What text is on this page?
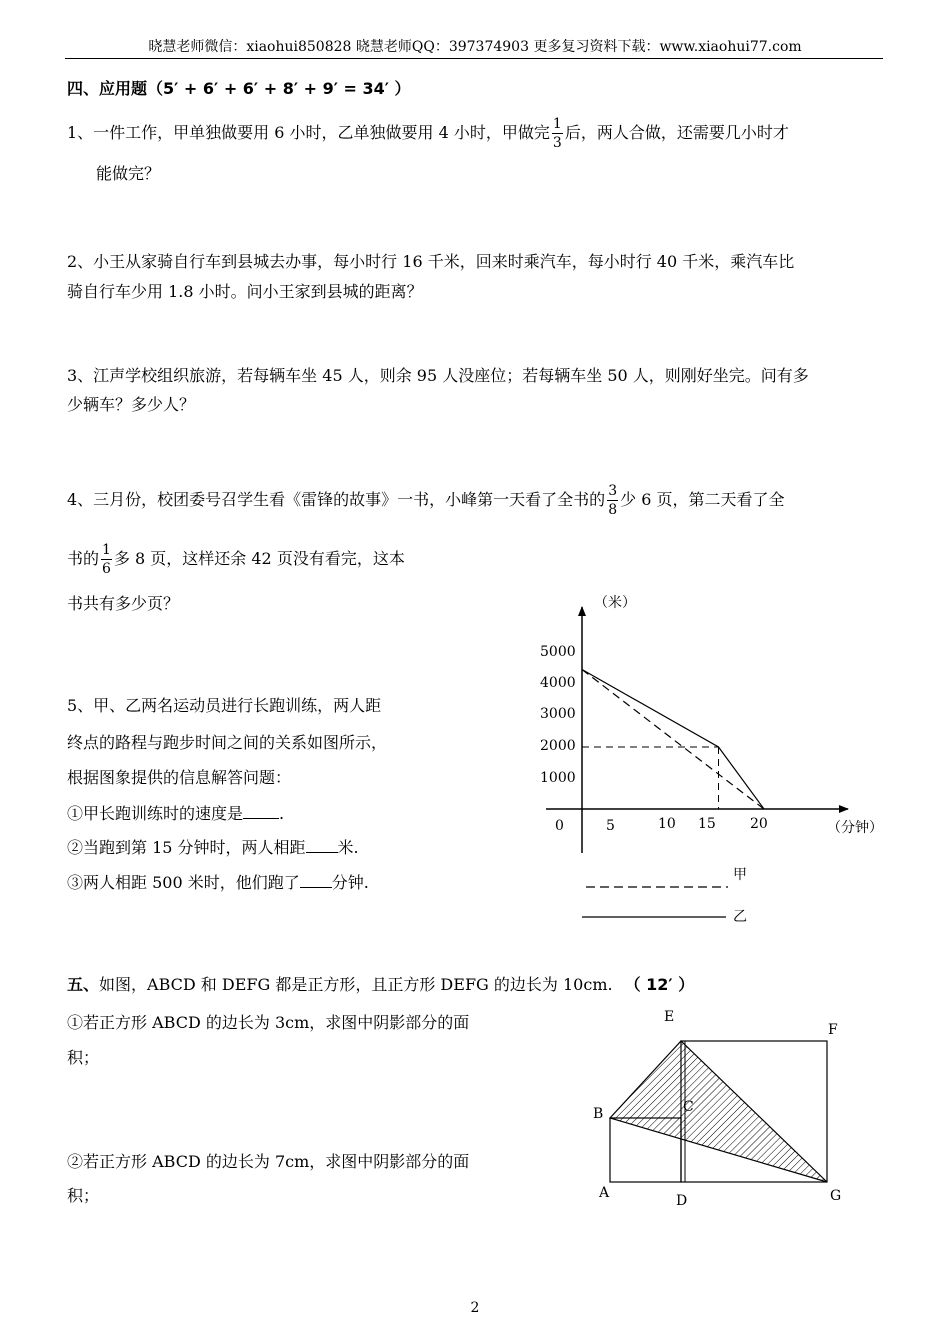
晓慧老师微信：xiaohui850828 晓慧老师QQ：397374903 更多复习资料下载：www.xiaohui77.com
四、应用题（5′ + 6′ + 6′ + 8′ + 9′ = 34′ ）
1、一件工作，甲单独做要用 6 小时，乙单独做要用 4 小时，甲做完 $\frac{1}{3}$ 后，两人合做，还需要几小时才
能做完？
2、小王从家骑自行车到县城去办事，每小时行 16 千米，回来时乘汽车，每小时行 40 千米，乘汽车比
骑自行车少用 1.8 小时。问小王家到县城的距离？
3、江声学校组织旅游，若每辆车坐 45 人，则余 95 人没座位；若每辆车坐 50 人，则刚好坐完。问有多
少辆车？多少人？
4、三月份，校团委号召学生看《雷锋的故事》一书，小峰第一天看了全书的 $\frac{3}{8}$ 少 6 页，第二天看了全
书的 $\frac{1}{6}$ 多 8 页，这样还余 42 页没有看完，这本
书共有多少页？
5、甲、乙两名运动员进行长跑训练，两人距
终点的路程与跑步时间之间的关系如图所示，
根据图象提供的信息解答问题：
①甲长跑训练时的速度是 .
②当跑到第 15 分钟时，两人相距 米.
③两人相距 500 米时，他们跑了 分钟.
（米）
（分钟）
0
5000
4000
3000
2000
1000
5	10 15 20
甲
乙
五、如图，ABCD 和 DEFG 都是正方形，且正方形 DEFG 的边长为 10cm. （ 12′ ）
①若正方形 ABCD 的边长为 3cm，求图中阴影部分的面
积；
②若正方形 ABCD 的边长为 7cm，求图中阴影部分的面
积；
E
F
B	C
A	D	G
2
